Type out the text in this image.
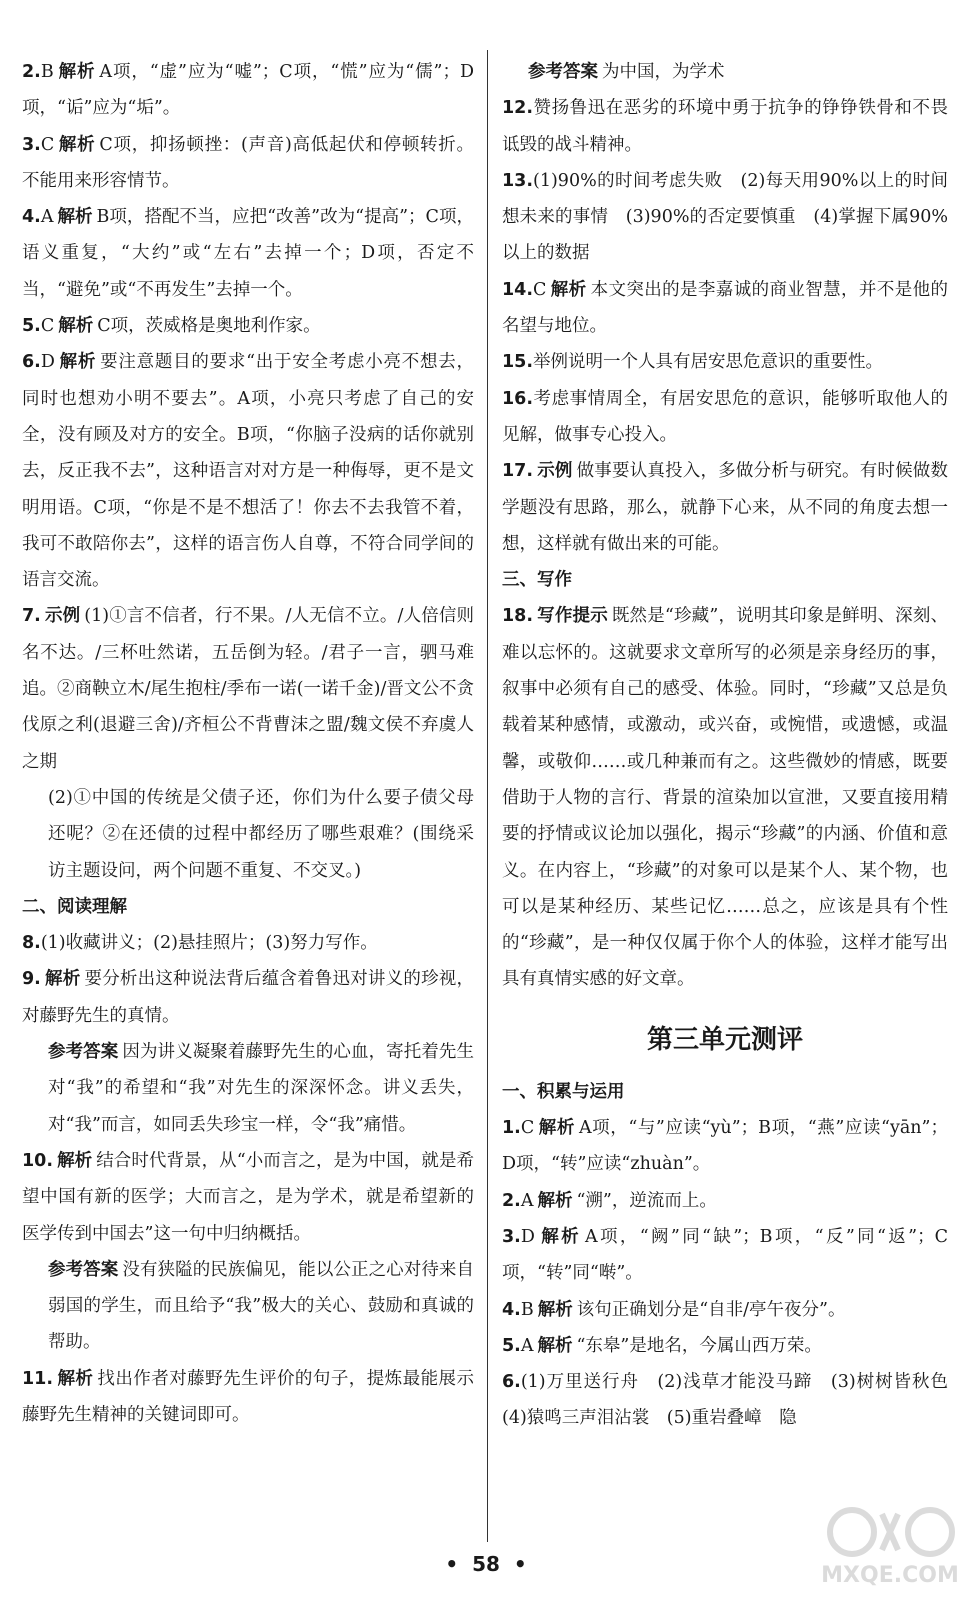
2.B 解析 A项，“虚”应为“嘘”；C项，“慌”应为“儒”；D项，“诟”应为“垢”。

3.C 解析 C项，抑扬顿挫：(声音)高低起伏和停顿转折。不能用来形容情节。

4.A 解析 B项，搭配不当，应把“改善”改为“提高”；C项，语义重复，“大约”或“左右”去掉一个；D项，否定不当，“避免”或“不再发生”去掉一个。

5.C 解析 C项，茨威格是奥地利作家。

6.D 解析 要注意题目的要求“出于安全考虑小亮不想去，同时也想劝小明不要去”。A项，小亮只考虑了自己的安全，没有顾及对方的安全。B项，“你脑子没病的话你就别去，反正我不去”，这种语言对对方是一种侮辱，更不是文明用语。C项，“你是不是不想活了！你去不去我管不着，我可不敢陪你去”，这样的语言伤人自尊，不符合同学间的语言交流。

7. 示例 (1)①言不信者，行不果。/人无信不立。/人倍信则名不达。/三杯吐然诺，五岳倒为轻。/君子一言，驷马难追。②商鞅立木/尾生抱柱/季布一诺(一诺千金)/晋文公不贪伐原之利(退避三舍)/齐桓公不背曹沫之盟/魏文侯不弃虞人之期

(2)①中国的传统是父债子还，你们为什么要子债父母还呢？②在还债的过程中都经历了哪些艰难？(围绕采访主题设问，两个问题不重复、不交叉。)

二、阅读理解

8.(1)收藏讲义；(2)悬挂照片；(3)努力写作。

9. 解析 要分析出这种说法背后蕴含着鲁迅对讲义的珍视，对藤野先生的真情。

参考答案 因为讲义凝聚着藤野先生的心血，寄托着先生对“我”的希望和“我”对先生的深深怀念。讲义丢失，对“我”而言，如同丢失珍宝一样，令“我”痛惜。

10. 解析 结合时代背景，从“小而言之，是为中国，就是希望中国有新的医学；大而言之，是为学术，就是希望新的医学传到中国去”这一句中归纳概括。

参考答案 没有狭隘的民族偏见，能以公正之心对待来自弱国的学生，而且给予“我”极大的关心、鼓励和真诚的帮助。

11. 解析 找出作者对藤野先生评价的句子，提炼最能展示藤野先生精神的关键词即可。

参考答案 为中国，为学术

12.赞扬鲁迅在恶劣的环境中勇于抗争的铮铮铁骨和不畏诋毁的战斗精神。

13.(1)90%的时间考虑失败　(2)每天用90%以上的时间想未来的事情　(3)90%的否定要慎重　(4)掌握下属90%以上的数据

14.C 解析 本文突出的是李嘉诚的商业智慧，并不是他的名望与地位。

15.举例说明一个人具有居安思危意识的重要性。

16.考虑事情周全，有居安思危的意识，能够听取他人的见解，做事专心投入。

17. 示例 做事要认真投入，多做分析与研究。有时候做数学题没有思路，那么，就静下心来，从不同的角度去想一想，这样就有做出来的可能。

三、写作

18. 写作提示 既然是“珍藏”，说明其印象是鲜明、深刻、难以忘怀的。这就要求文章所写的必须是亲身经历的事，叙事中必须有自己的感受、体验。同时，“珍藏”又总是负载着某种感情，或激动，或兴奋，或惋惜，或遗憾，或温馨，或敬仰……或几种兼而有之。这些微妙的情感，既要借助于人物的言行、背景的渲染加以宣泄，又要直接用精要的抒情或议论加以强化，揭示“珍藏”的内涵、价值和意义。在内容上，“珍藏”的对象可以是某个人、某个物，也可以是某种经历、某些记忆……总之，应该是具有个性的“珍藏”，是一种仅仅属于你个人的体验，这样才能写出具有真情实感的好文章。

第三单元测评

一、积累与运用

1.C 解析 A项，“与”应读“yù”；B项，“燕”应读“yān”；D项，“转”应读“zhuàn”。

2.A 解析 “溯”，逆流而上。

3.D 解析 A项，“阙”同“缺”；B项，“反”同“返”；C项，“转”同“啭”。

4.B 解析 该句正确划分是“自非/亭午夜分”。

5.A 解析 “东皋”是地名，今属山西万荣。

6.(1)万里送行舟　(2)浅草才能没马蹄　(3)树树皆秋色　(4)猿鸣三声泪沾裳　(5)重岩叠嶂　隐

•  58  •	MXQE.COM
